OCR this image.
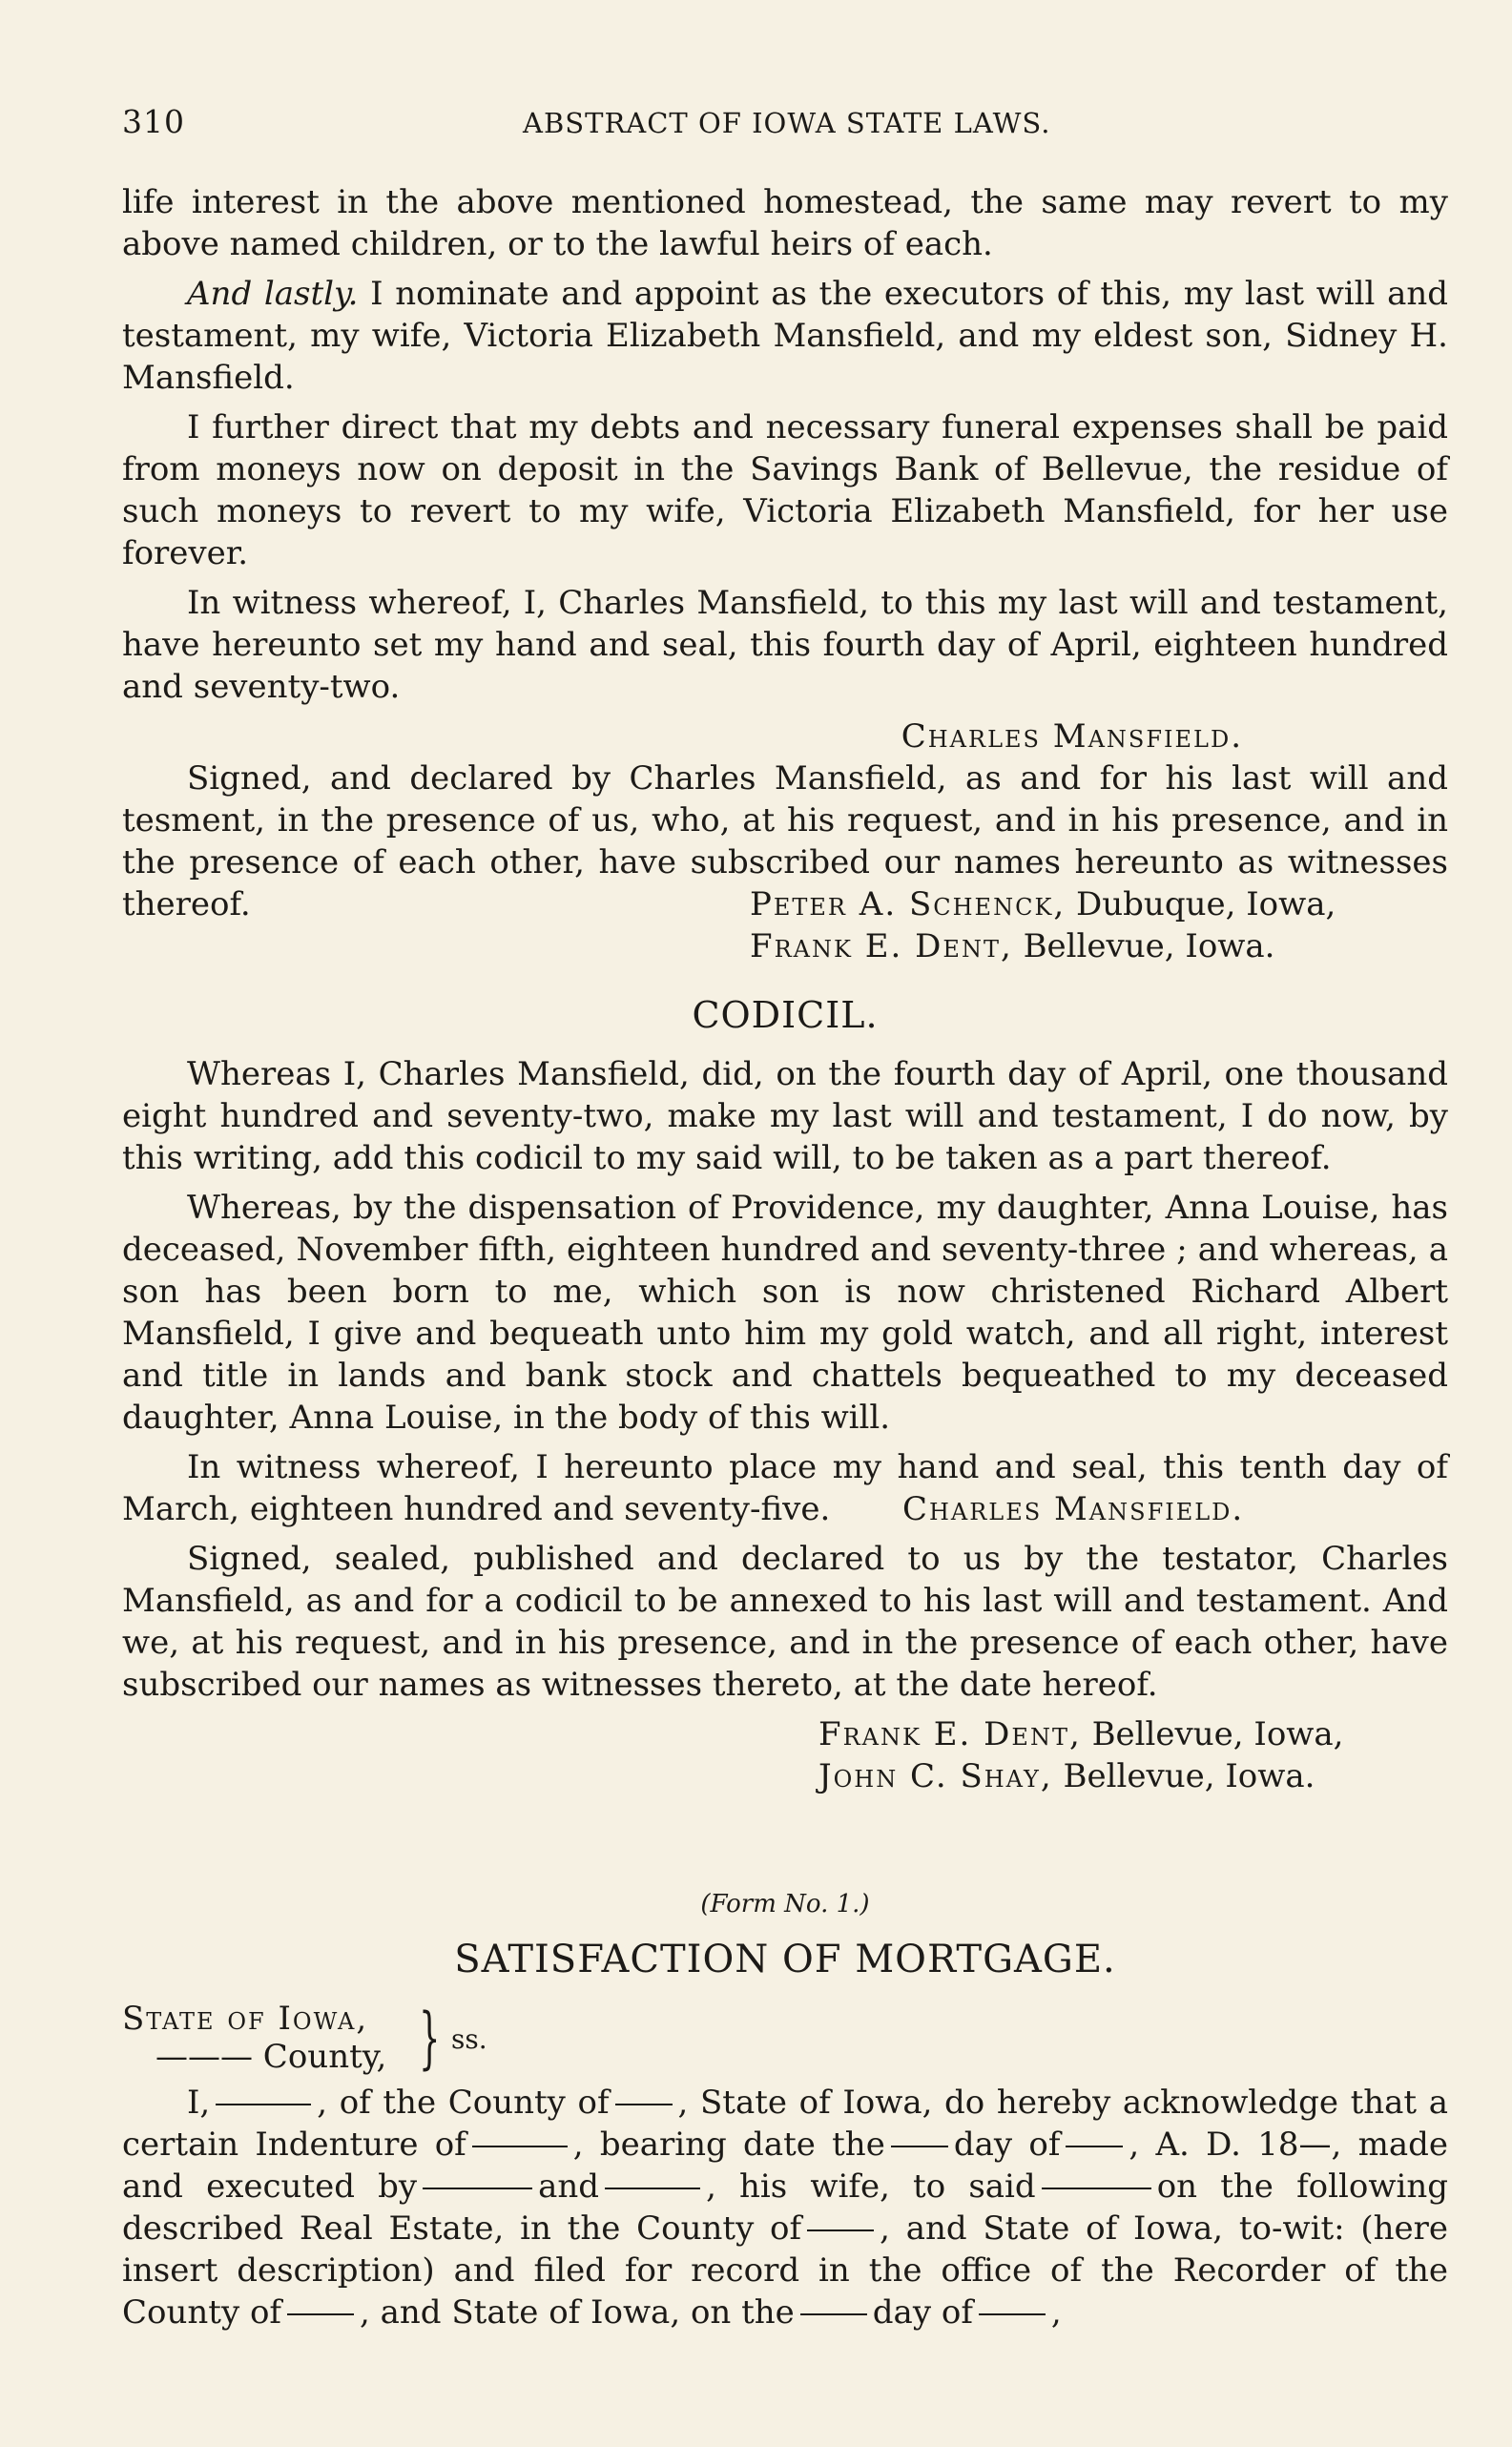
310	ABSTRACT OF IOWA STATE LAWS.

life interest in the above mentioned homestead, the same may revert to my above named children, or to the lawful heirs of each.

And lastly. I nominate and appoint as the executors of this, my last will and testament, my wife, Victoria Elizabeth Mansfield, and my eldest son, Sidney H. Mansfield.

I further direct that my debts and necessary funeral expenses shall be paid from moneys now on deposit in the Savings Bank of Bellevue, the residue of such moneys to revert to my wife, Victoria Elizabeth Mansfield, for her use forever.

In witness whereof, I, Charles Mansfield, to this my last will and testament, have hereunto set my hand and seal, this fourth day of April, eighteen hundred and seventy-two.

Charles Mansfield.

Signed, and declared by Charles Mansfield, as and for his last will and tesment, in the presence of us, who, at his request, and in his presence, and in the presence of each other, have subscribed our names hereunto as witnesses thereof.	Peter A. Schenck, Dubuque, Iowa,
Frank E. Dent, Bellevue, Iowa.
CODICIL.

Whereas I, Charles Mansfield, did, on the fourth day of April, one thousand eight hundred and seventy-two, make my last will and testament, I do now, by this writing, add this codicil to my said will, to be taken as a part thereof.

Whereas, by the dispensation of Providence, my daughter, Anna Louise, has deceased, November fifth, eighteen hundred and seventy-three ; and whereas, a son has been born to me, which son is now christened Richard Albert Mansfield, I give and bequeath unto him my gold watch, and all right, interest and title in lands and bank stock and chattels bequeathed to my deceased daughter, Anna Louise, in the body of this will.

In witness whereof, I hereunto place my hand and seal, this tenth day of March, eighteen hundred and seventy-five. Charles Mansfield.

Signed, sealed, published and declared to us by the testator, Charles Mansfield, as and for a codicil to be annexed to his last will and testament. And we, at his request, and in his presence, and in the presence of each other, have subscribed our names as witnesses thereto, at the date hereof.

Frank E. Dent, Bellevue, Iowa,
John C. Shay, Bellevue, Iowa.
(Form No. 1.)
SATISFACTION OF MORTGAGE.
State of Iowa,
——— County, } ss.

I,	, of the County of , State of Iowa, do hereby acknowledge that a certain Indenture of	, bearing date the day of , A. D. 18—, made and executed by	and	, his wife, to said	on the following described Real Estate, in the County of , and State of Iowa, to-wit: (here insert description) and filed for record in the office of the Recorder of the County of , and State of Iowa, on the day of ,
